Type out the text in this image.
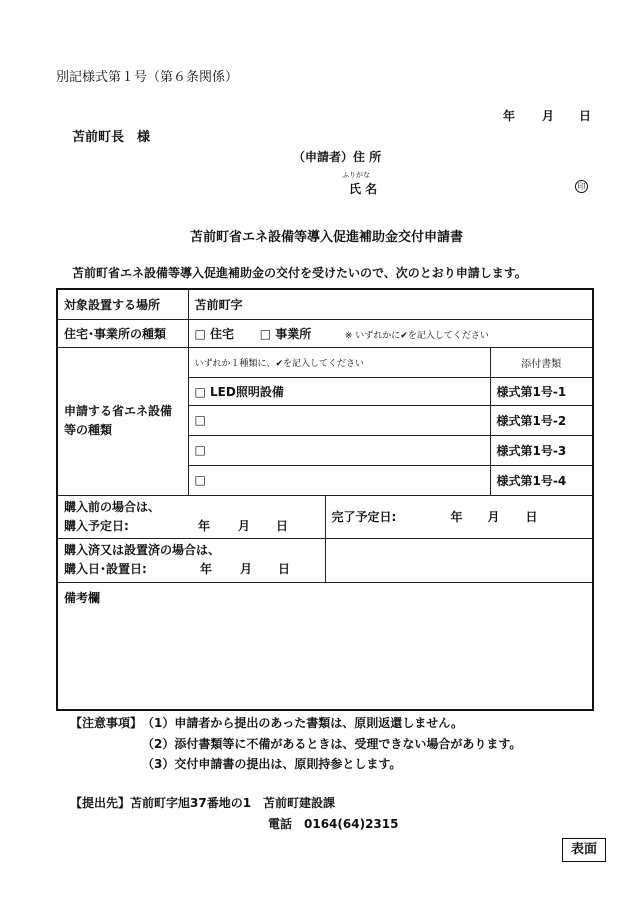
別記様式第１号（第６条関係）
年 月 日
苫前町長　様
（申請者）住 所
ふりがな
氏 名	印
苫前町省エネ設備等導入促進補助金交付申請書
苫前町省エネ設備等導入促進補助金の交付を受けたいので、次のとおり申請します。
対象設置する場所	苫前町字		
住宅･事業所の種類	□ 住宅 □ 事業所 ※ いずれかに✔を記入してください		
申請する省エネ設備等の種類	いずれか１種類に、✔を記入してください		添付書類
	□ LED照明設備		様式第1号-1
	□		様式第1号-2
	□		様式第1号-3
	□		様式第1号-4

購入前の場合は、
購入予定日: 年 月 日		完了予定日: 年 月 日	

購入済又は設置済の場合は、
購入日･設置日: 年 月 日			

備考欄			
【注意事項】 （1）申請者から提出のあった書類は、原則返還しません。
（2）添付書類等に不備があるときは、受理できない場合があります。
（3）交付申請書の提出は、原則持参とします。
【提出先】 苫前町字旭37番地の1　苫前町建設課
電話　0164(64)2315
表面
